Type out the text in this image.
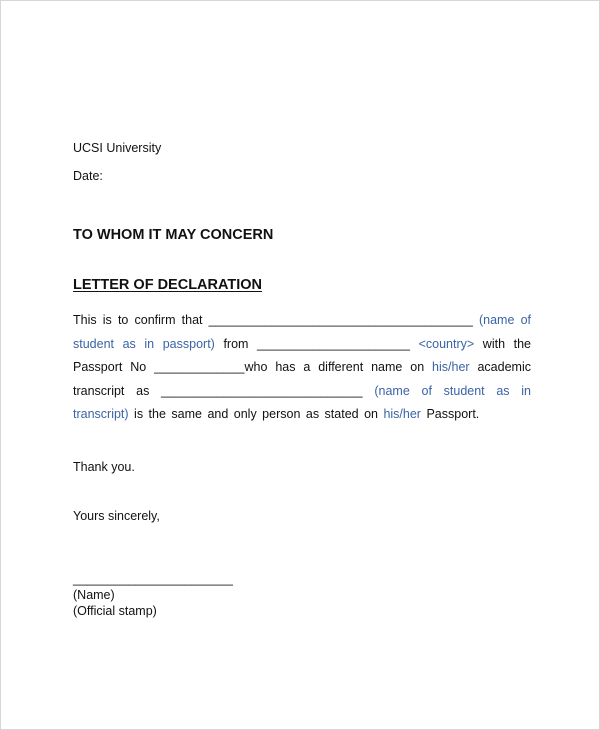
UCSI University
Date:
TO WHOM IT MAY CONCERN
LETTER OF DECLARATION
This is to confirm that ______________________________________ (name of student as in passport) from ______________________ <country> with the Passport No _____________who has a different name on his/her academic transcript as _____________________________ (name of student as in transcript) is the same and only person as stated on his/her Passport.
Thank you.
Yours sincerely,
_______________________
(Name)
(Official stamp)
